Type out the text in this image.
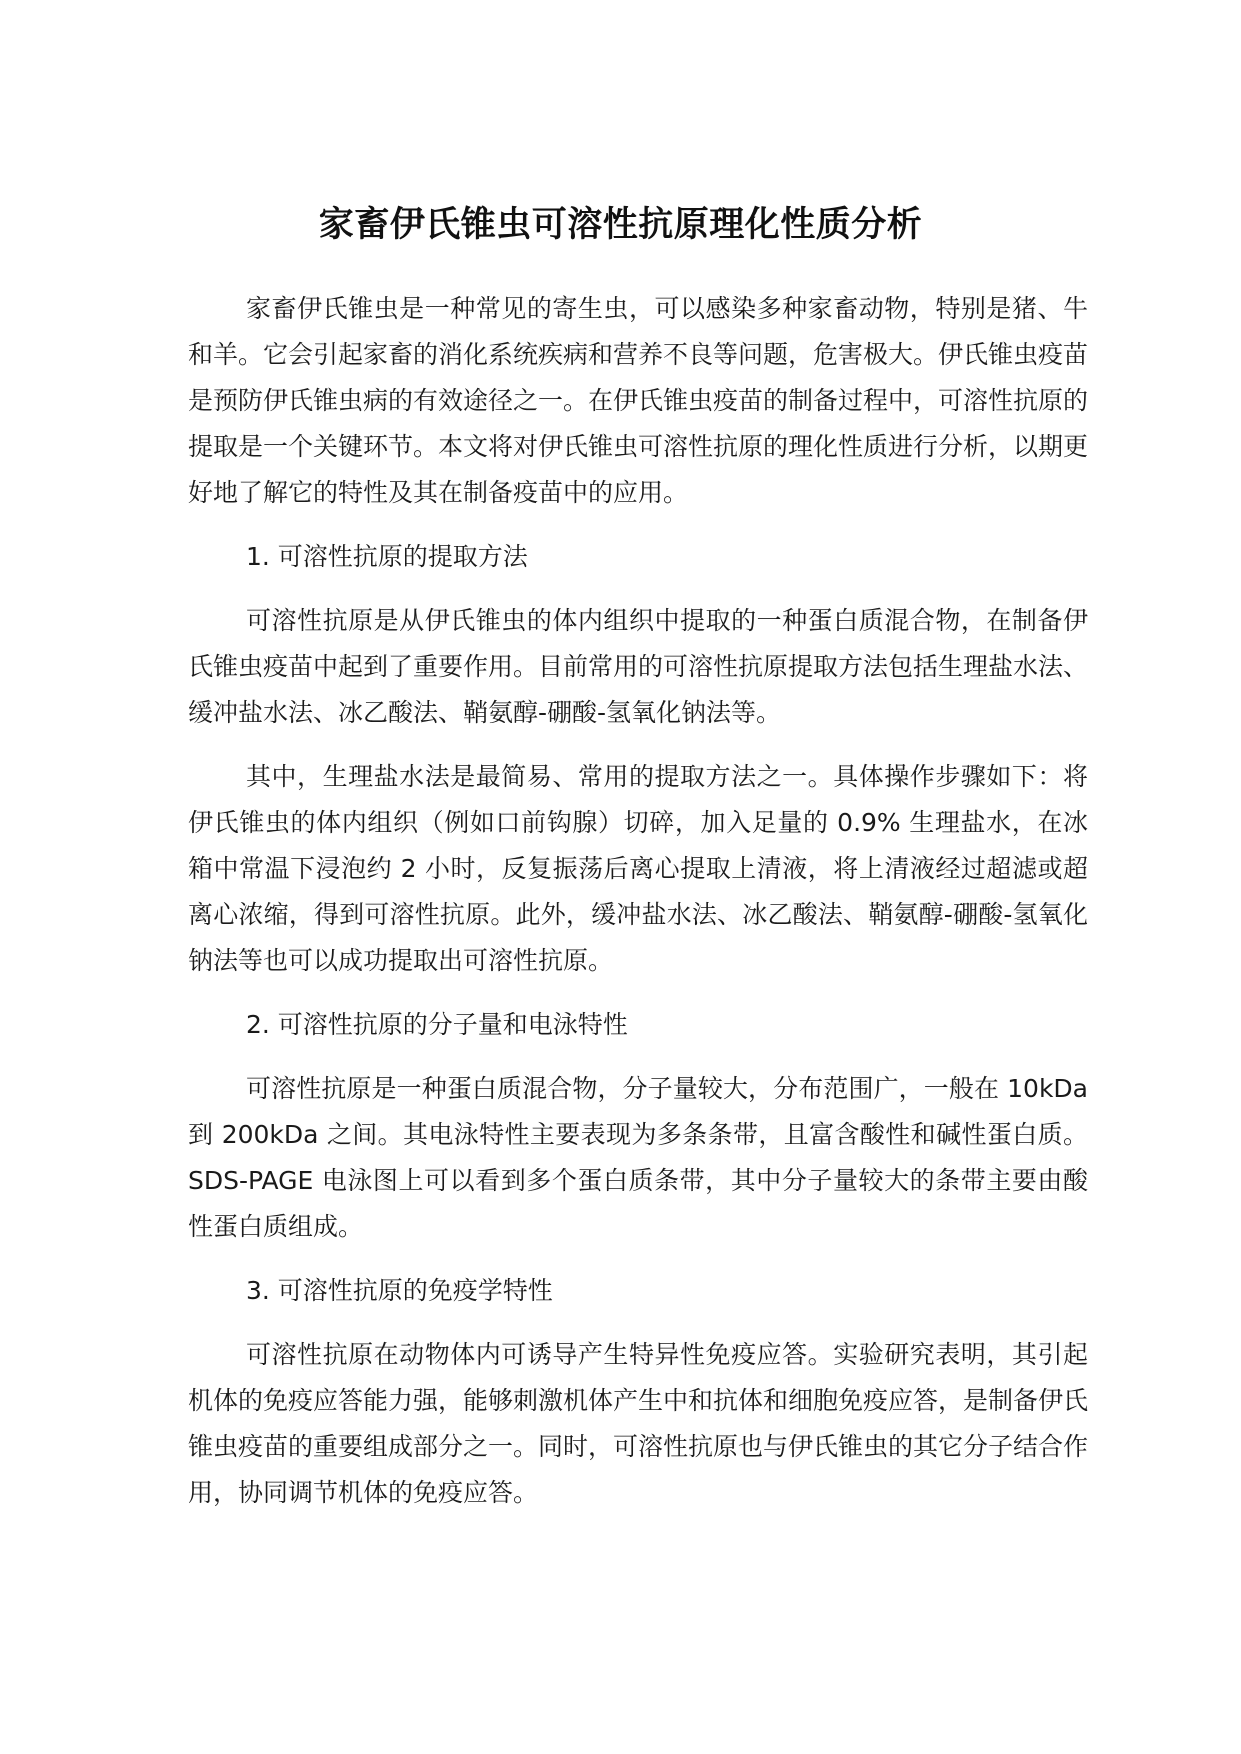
家畜伊氏锥虫可溶性抗原理化性质分析

家畜伊氏锥虫是一种常见的寄生虫，可以感染多种家畜动物，特别是猪、牛和羊。它会引起家畜的消化系统疾病和营养不良等问题，危害极大。伊氏锥虫疫苗是预防伊氏锥虫病的有效途径之一。在伊氏锥虫疫苗的制备过程中，可溶性抗原的提取是一个关键环节。本文将对伊氏锥虫可溶性抗原的理化性质进行分析，以期更好地了解它的特性及其在制备疫苗中的应用。

1. 可溶性抗原的提取方法

可溶性抗原是从伊氏锥虫的体内组织中提取的一种蛋白质混合物，在制备伊氏锥虫疫苗中起到了重要作用。目前常用的可溶性抗原提取方法包括生理盐水法、缓冲盐水法、冰乙酸法、鞘氨醇-硼酸-氢氧化钠法等。

其中，生理盐水法是最简易、常用的提取方法之一。具体操作步骤如下：将伊氏锥虫的体内组织（例如口前钩腺）切碎，加入足量的 0.9% 生理盐水，在冰箱中常温下浸泡约 2 小时，反复振荡后离心提取上清液，将上清液经过超滤或超离心浓缩，得到可溶性抗原。此外，缓冲盐水法、冰乙酸法、鞘氨醇-硼酸-氢氧化钠法等也可以成功提取出可溶性抗原。

2. 可溶性抗原的分子量和电泳特性

可溶性抗原是一种蛋白质混合物，分子量较大，分布范围广，一般在 10kDa 到 200kDa 之间。其电泳特性主要表现为多条条带，且富含酸性和碱性蛋白质。SDS-PAGE 电泳图上可以看到多个蛋白质条带，其中分子量较大的条带主要由酸性蛋白质组成。

3. 可溶性抗原的免疫学特性

可溶性抗原在动物体内可诱导产生特异性免疫应答。实验研究表明，其引起机体的免疫应答能力强，能够刺激机体产生中和抗体和细胞免疫应答，是制备伊氏锥虫疫苗的重要组成部分之一。同时，可溶性抗原也与伊氏锥虫的其它分子结合作用，协同调节机体的免疫应答。
